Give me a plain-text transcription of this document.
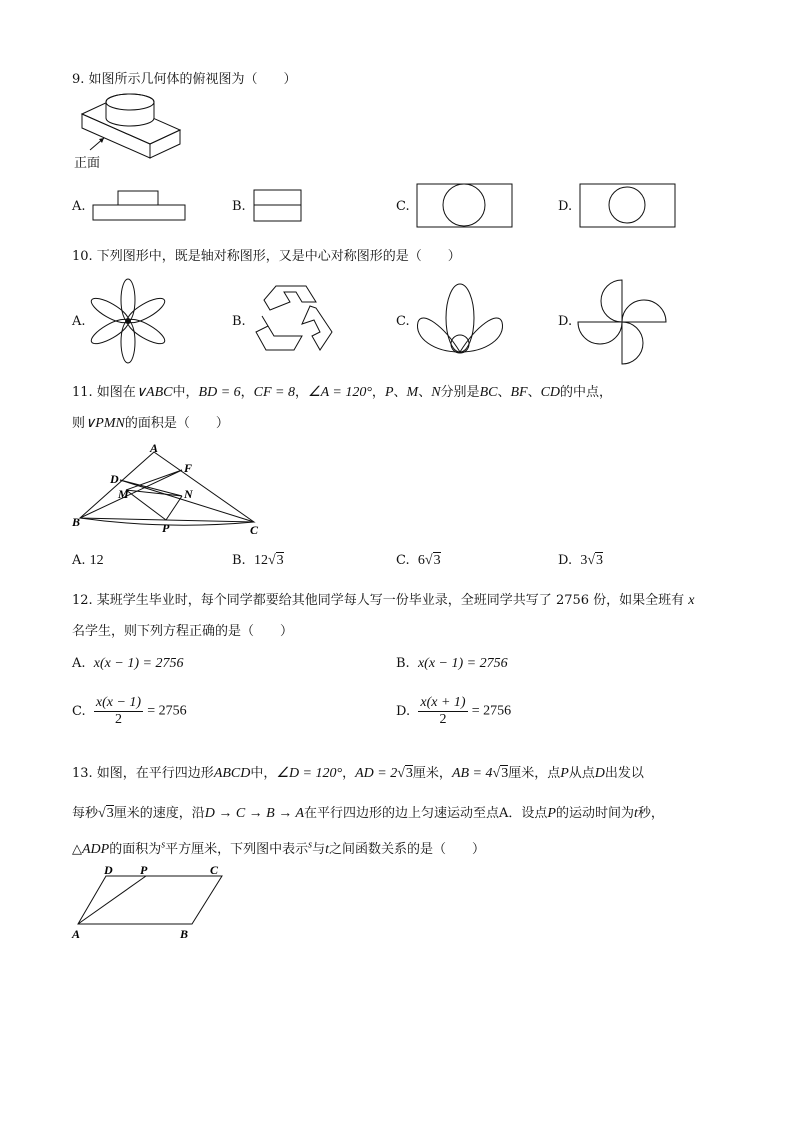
9. 如图所示几何体的俯视图为（　　）
正面
A.	B.	C.	D.
10. 下列图形中，既是轴对称图形，又是中心对称图形的是（　　）
A.	B.	C.	D.
11. 如图在∨ABC中，BD = 6，CF = 8，∠A = 120°，P、M、N分别是BC、BF、CD的中点，
则∨PMN的面积是（　　）
A
D
F
M	N
B	P	C
A. 12	B. 12√3	C. 6√3	D. 3√3
12. 某班学生毕业时，每个同学都要给其他同学每人写一份毕业录，全班同学共写了 2756 份，如果全班有 x
名学生，则下列方程正确的是（　　）
A. x(x − 1) = 2756	B. x(x − 1) = 2756
C. $\frac{x(x - 1)}{2} = 2756$	D. $\frac{x(x + 1)}{2} = 2756$
13. 如图，在平行四边形ABCD中，∠D = 120°，AD = 2√3厘米，AB = 4√3厘米，点P从点D出发以
每秒√3厘米的速度，沿D → C → B → A在平行四边形的边上匀速运动至点A．设点P的运动时间为t秒，
△ADP的面积为$^s$平方厘米，下列图中表示$^s$与t之间函数关系的是（　　）
D P	C
A	B
